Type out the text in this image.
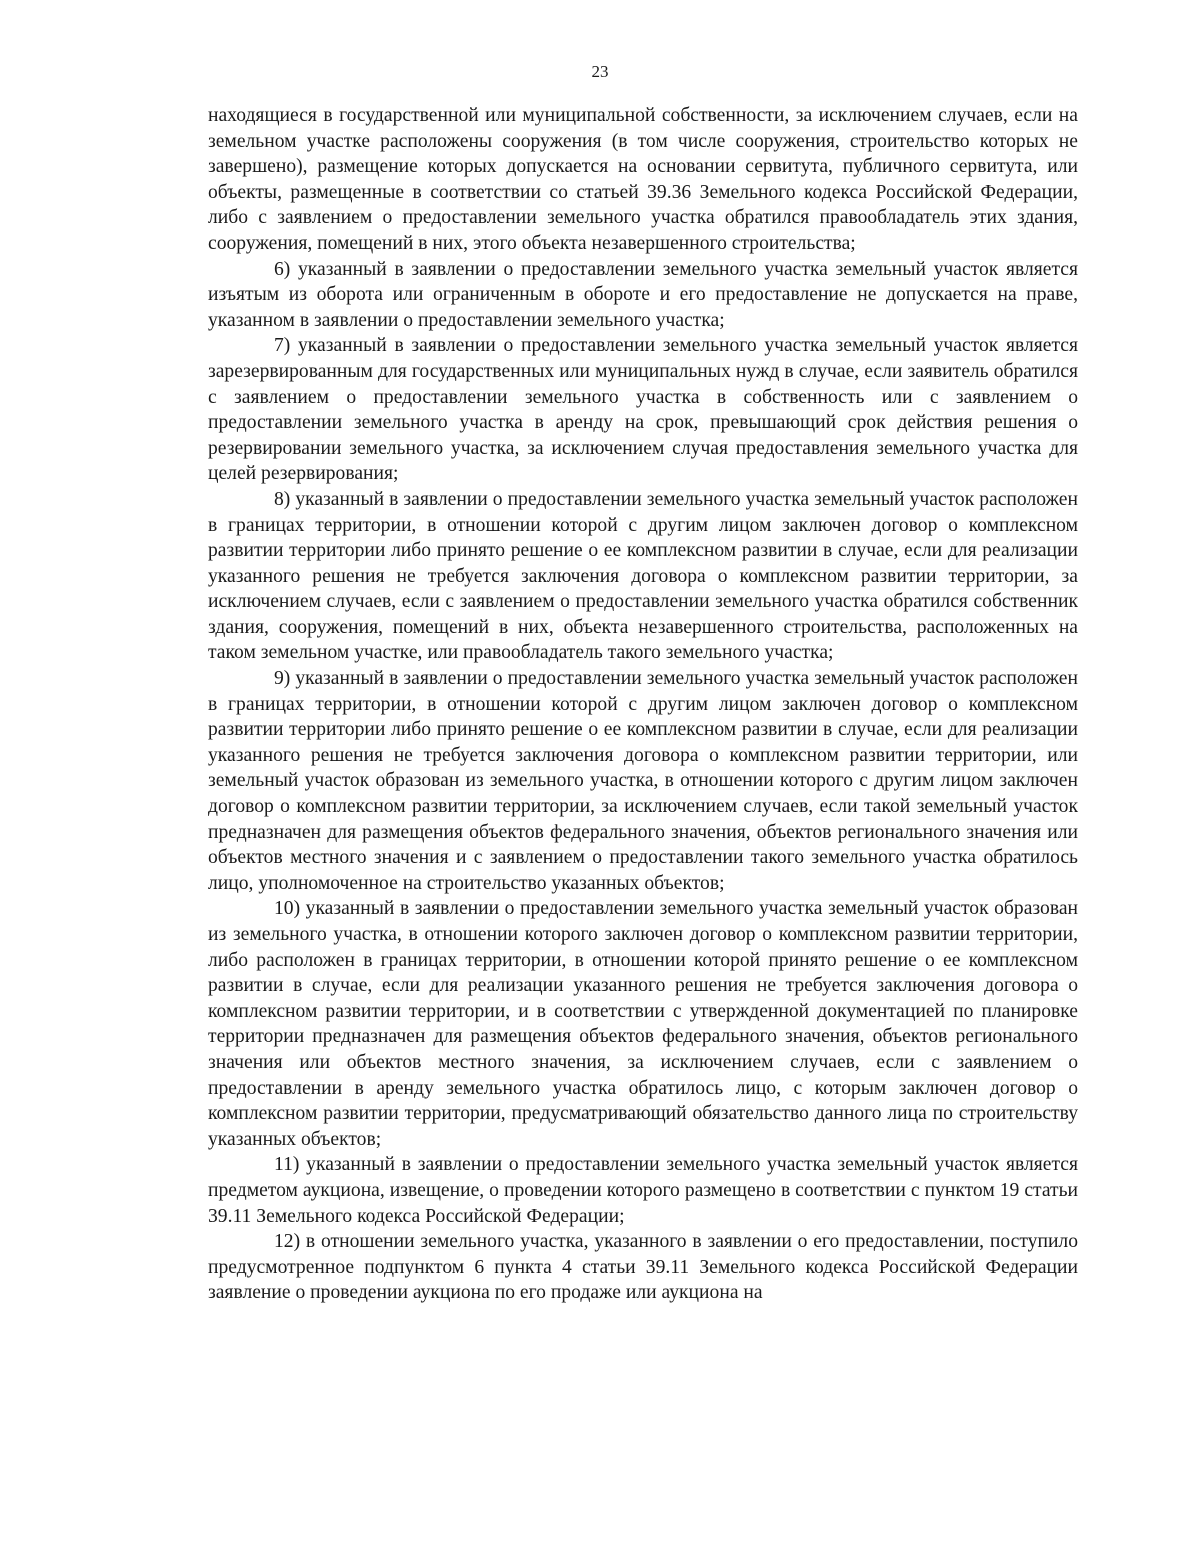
23

находящиеся в государственной или муниципальной собственности, за исключением случаев, если на земельном участке расположены сооружения (в том числе сооружения, строительство которых не завершено), размещение которых допускается на основании сервитута, публичного сервитута, или объекты, размещенные в соответствии со статьей 39.36 Земельного кодекса Российской Федерации, либо с заявлением о предоставлении земельного участка обратился правообладатель этих здания, сооружения, помещений в них, этого объекта незавершенного строительства;

6) указанный в заявлении о предоставлении земельного участка земельный участок является изъятым из оборота или ограниченным в обороте и его предоставление не допускается на праве, указанном в заявлении о предоставлении земельного участка;

7) указанный в заявлении о предоставлении земельного участка земельный участок является зарезервированным для государственных или муниципальных нужд в случае, если заявитель обратился с заявлением о предоставлении земельного участка в собственность или с заявлением о предоставлении земельного участка в аренду на срок, превышающий срок действия решения о резервировании земельного участка, за исключением случая предоставления земельного участка для целей резервирования;

8) указанный в заявлении о предоставлении земельного участка земельный участок расположен в границах территории, в отношении которой с другим лицом заключен договор о комплексном развитии территории либо принято решение о ее комплексном развитии в случае, если для реализации указанного решения не требуется заключения договора о комплексном развитии территории, за исключением случаев, если с заявлением о предоставлении земельного участка обратился собственник здания, сооружения, помещений в них, объекта незавершенного строительства, расположенных на таком земельном участке, или правообладатель такого земельного участка;

9) указанный в заявлении о предоставлении земельного участка земельный участок расположен в границах территории, в отношении которой с другим лицом заключен договор о комплексном развитии территории либо принято решение о ее комплексном развитии в случае, если для реализации указанного решения не требуется заключения договора о комплексном развитии территории, или земельный участок образован из земельного участка, в отношении которого с другим лицом заключен договор о комплексном развитии территории, за исключением случаев, если такой земельный участок предназначен для размещения объектов федерального значения, объектов регионального значения или объектов местного значения и с заявлением о предоставлении такого земельного участка обратилось лицо, уполномоченное на строительство указанных объектов;

10) указанный в заявлении о предоставлении земельного участка земельный участок образован из земельного участка, в отношении которого заключен договор о комплексном развитии территории, либо расположен в границах территории, в отношении которой принято решение о ее комплексном развитии в случае, если для реализации указанного решения не требуется заключения договора о комплексном развитии территории, и в соответствии с утвержденной документацией по планировке территории предназначен для размещения объектов федерального значения, объектов регионального значения или объектов местного значения, за исключением случаев, если с заявлением о предоставлении в аренду земельного участка обратилось лицо, с которым заключен договор о комплексном развитии территории, предусматривающий обязательство данного лица по строительству указанных объектов;

11) указанный в заявлении о предоставлении земельного участка земельный участок является предметом аукциона, извещение, о проведении которого размещено в соответствии с пунктом 19 статьи 39.11 Земельного кодекса Российской Федерации;

12) в отношении земельного участка, указанного в заявлении о его предоставлении, поступило предусмотренное подпунктом 6 пункта 4 статьи 39.11 Земельного кодекса Российской Федерации заявление о проведении аукциона по его продаже или аукциона на
